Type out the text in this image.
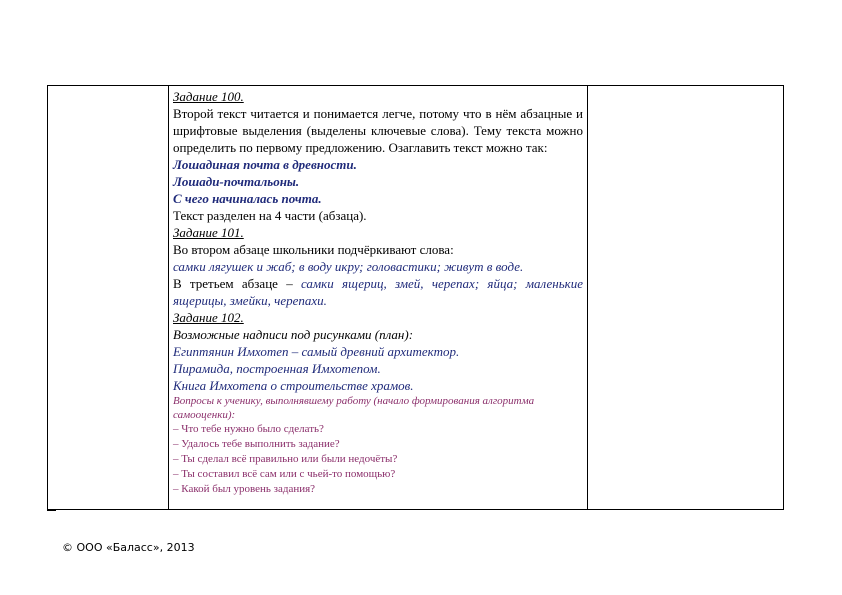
Задание 100.

Второй текст читается и понимается легче, потому что в нём абзацные и шрифтовые выделения (выделены ключевые слова). Тему текста можно определить по первому предложению. Озаглавить текст можно так:

Лошадиная почта в древности.

Лошади-почтальоны.

С чего начиналась почта.

Текст разделен на 4 части (абзаца).

Задание 101.

Во втором абзаце школьники подчёркивают слова:

самки лягушек и жаб; в воду икру; головастики; живут в воде.

В третьем абзаце – самки ящериц, змей, черепах; яйца; маленькие ящерицы, змейки, черепахи.

Задание 102.

Возможные надписи под рисунками (план):

Египтянин Имхотеп – самый древний архитектор.

Пирамида, построенная Имхотепом.

Книга Имхотепа о строительстве храмов.

Вопросы к ученику, выполнявшему работу (начало формирования алгоритма самооценки):

– Что тебе нужно было сделать?

– Удалось тебе выполнить задание?

– Ты сделал всё правильно или были недочёты?

– Ты составил всё сам или с чьей-то помощью?

– Какой был уровень задания?

© ООО «Баласс», 2013
